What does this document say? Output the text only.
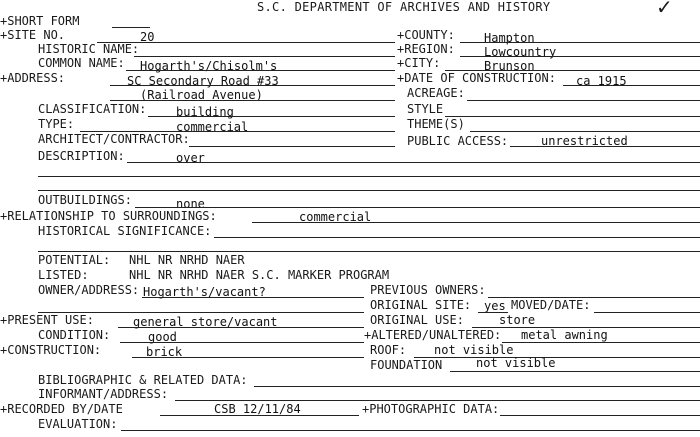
S.C. DEPARTMENT OF ARCHIVES AND HISTORY	✓
+SHORT FORM
+SITE NO.	20	+COUNTY: Hampton
HISTORIC NAME:	+REGION: Lowcountry
COMMON NAME: Hogarth's/Chisolm's	+CITY:	Brunson
+ADDRESS:	SC Secondary Road #33	+DATE OF CONSTRUCTION: ca 1915
(Railroad Avenue)	ACREAGE:
CLASSIFICATION: building	STYLE
TYPE:	commercial	THEME(S)
ARCHITECT/CONTRACTOR:	PUBLIC ACCESS:	unrestricted
DESCRIPTION:	over
OUTBUILDINGS:	none
+RELATIONSHIP TO SURROUNDINGS:	commercial
HISTORICAL SIGNIFICANCE:
POTENTIAL: NHL NR NRHD NAER
LISTED:	NHL NR NRHD NAER S.C. MARKER PROGRAM
OWNER/ADDRESS: Hogarth's/vacant?	PREVIOUS OWNERS:
ORIGINAL SITE: yes MOVED/DATE:
+PRESENT USE:	general store/vacant	ORIGINAL USE:	store
CONDITION:	good	+ALTERED/UNALTERED: metal awning
+CONSTRUCTION:	brick	ROOF: not visible
FOUNDATION	not visible
BIBLIOGRAPHIC & RELATED DATA:
INFORMANT/ADDRESS:
+RECORDED BY/DATE	CSB 12/11/84	+PHOTOGRAPHIC DATA:
EVALUATION:
